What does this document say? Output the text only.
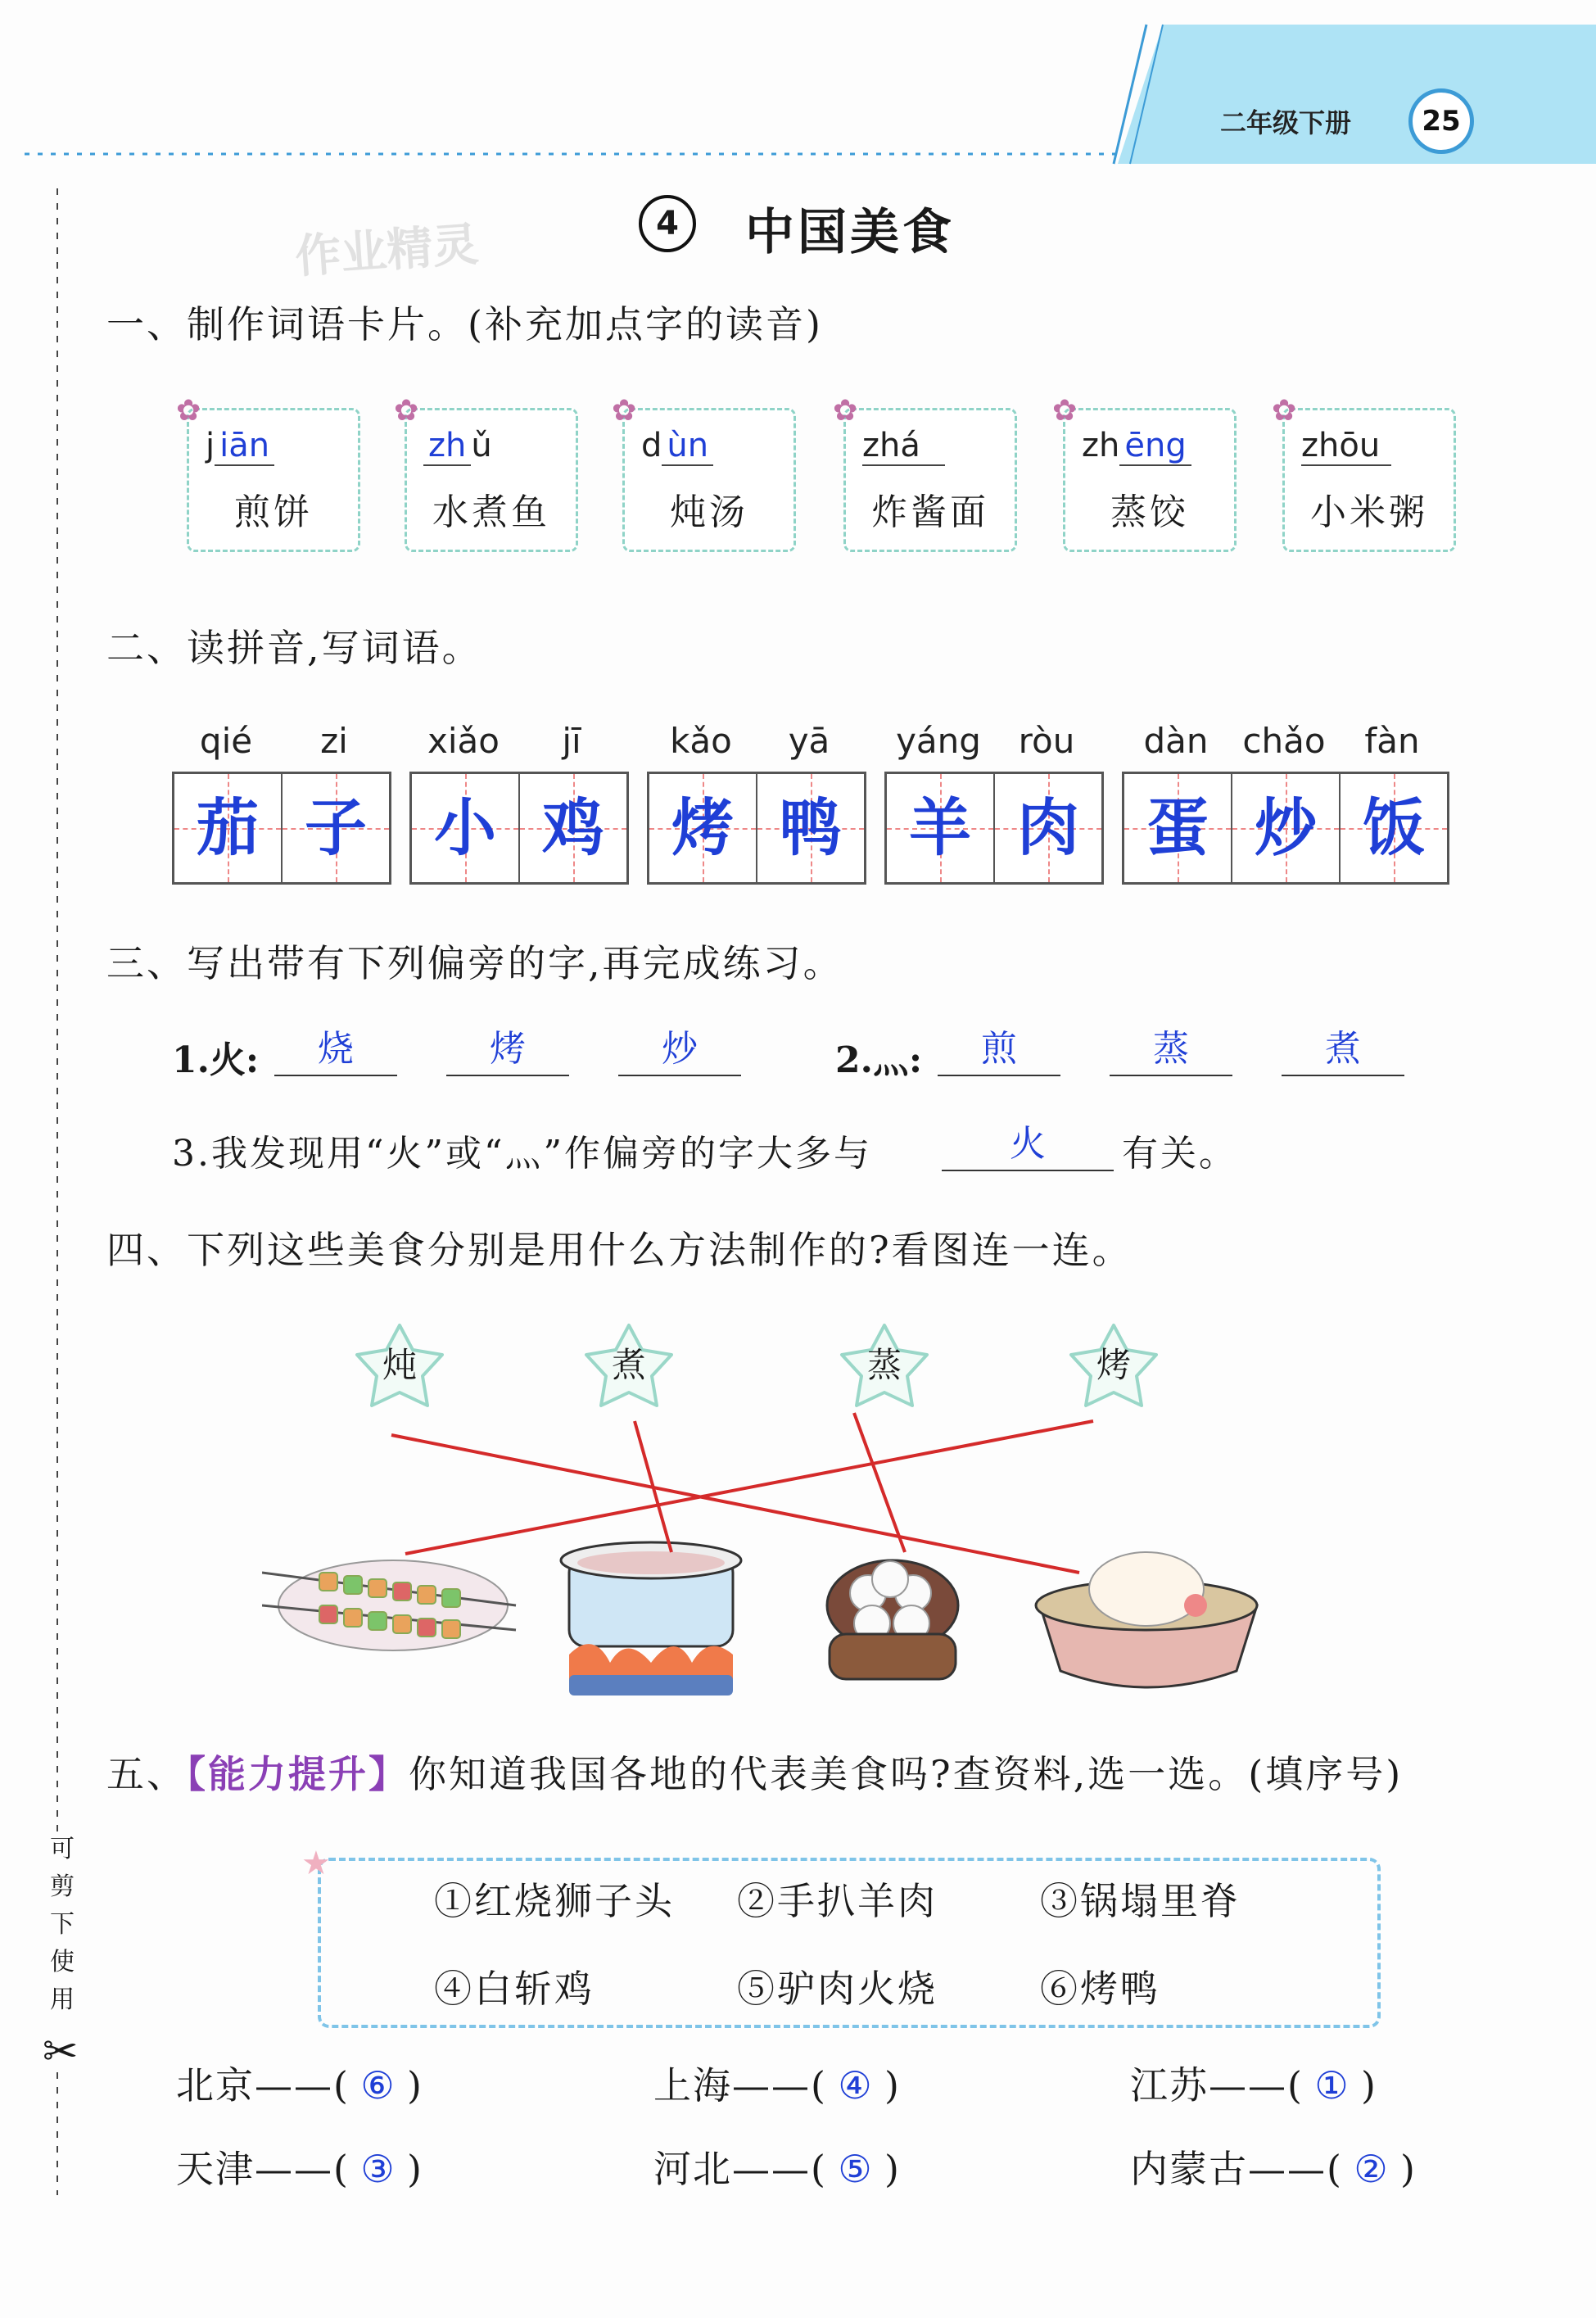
二年级下册	25
可
剪
下
使
用
✂
作业精灵	4	中国美食
一、制作词语卡片。(补充加点字的读音)
✿
j iān
煎饼
✿
zh ǔ
水煮鱼
✿
d ùn
炖汤
✿
zhá
炸酱面
✿
zh ēng
蒸饺
✿
zhōu
小米粥
二、读拼音,写词语。
qié	zi
茄 子
xiǎo	jī
小 鸡
kǎo	yā
烤 鸭
yáng	ròu
羊 肉
dàn chǎo	fàn
蛋 炒 饭
三、写出带有下列偏旁的字,再完成练习。
1.火:	烧	烤	炒	2.灬:	煎	蒸	煮
3.我发现用“火”或“灬”作偏旁的字大多与	火	有关。
四、下列这些美食分别是用什么方法制作的?看图连一连。
炖	煮	蒸	烤
五、【能力提升】你知道我国各地的代表美食吗?查资料,选一选。(填序号)
★
①红烧狮子头 ②手扒羊肉	③锅塌里脊
④白斩鸡	⑤驴肉火烧	⑥烤鸭
北京——( ⑥ )	上海——( ④ )	江苏——( ① )
天津——( ③ )	河北——( ⑤ )	内蒙古——( ② )
